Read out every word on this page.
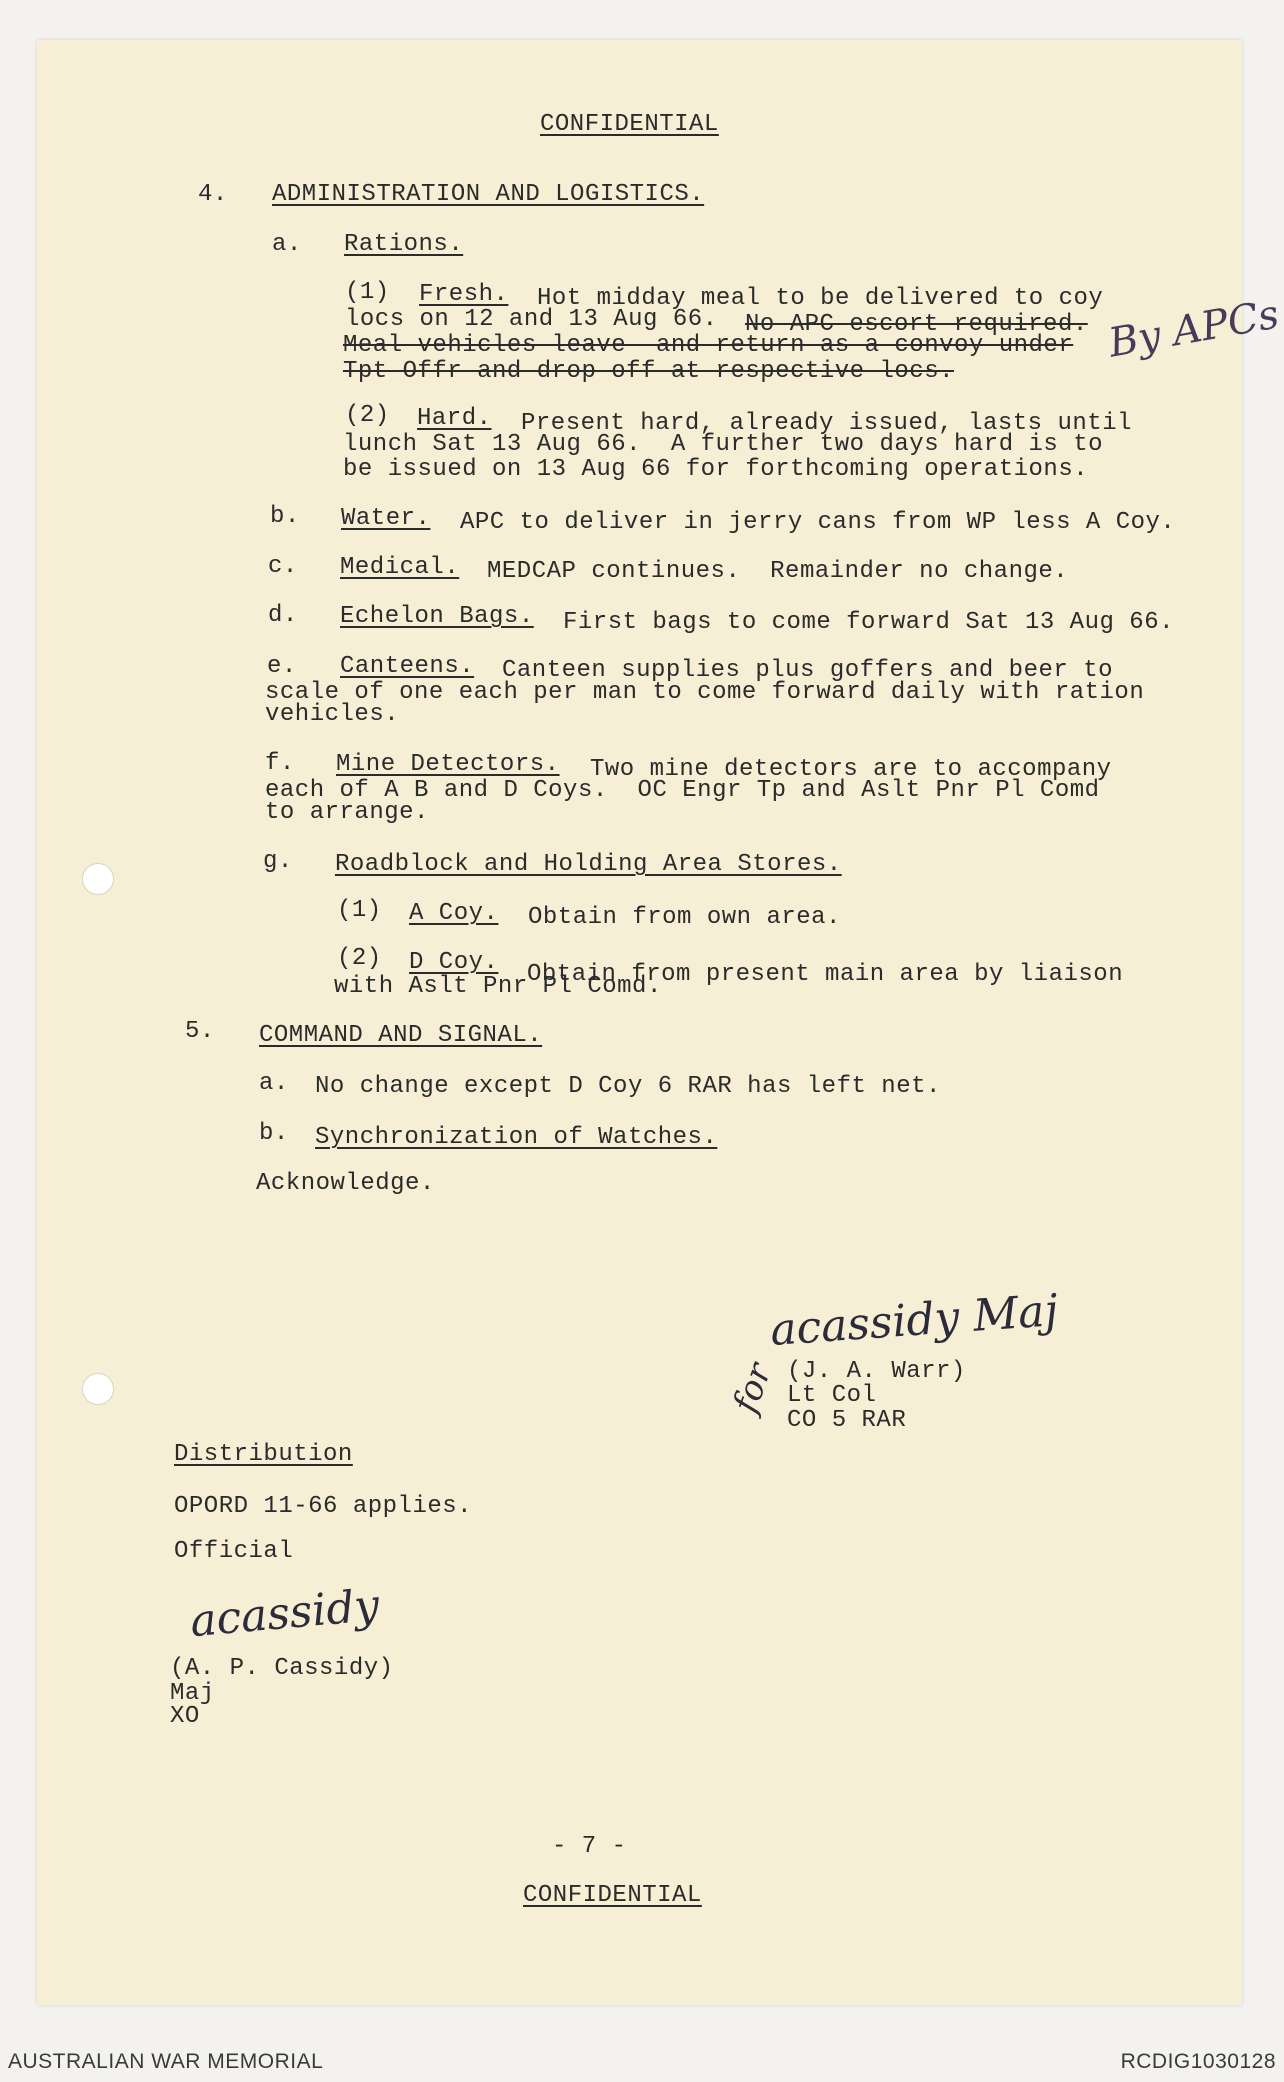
CONFIDENTIAL
4. ADMINISTRATION AND LOGISTICS.
a. Rations.
(1) Fresh. Hot midday meal to be delivered to coy
locs on 12 and 13 Aug 66. No APC escort required.
Meal vehicles leave  and return as a convoy under
Tpt Offr and drop off at respective locs.
By APCs
(2) Hard. Present hard, already issued, lasts until
lunch Sat 13 Aug 66.  A further two days hard is to
be issued on 13 Aug 66 for forthcoming operations.
b. Water. APC to deliver in jerry cans from WP less A Coy.
c. Medical. MEDCAP continues.  Remainder no change.
d. Echelon Bags. First bags to come forward Sat 13 Aug 66.
e. Canteens. Canteen supplies plus goffers and beer to
scale of one each per man to come forward daily with ration
vehicles.
f. Mine Detectors. Two mine detectors are to accompany
each of A B and D Coys.  OC Engr Tp and Aslt Pnr Pl Comd
to arrange.
g. Roadblock and Holding Area Stores.
(1) A Coy. Obtain from own area.
(2) D Coy. Obtain from present main area by liaison
with Aslt Pnr Pl Comd.
5. COMMAND AND SIGNAL.
a. No change except D Coy 6 RAR has left net.
b. Synchronization of Watches.
Acknowledge.
acassidy Maj
for (J. A. Warr)
Lt Col
CO 5 RAR
Distribution
OPORD 11-66 applies.
Official
acassidy
(A. P. Cassidy)
Maj
XO
- 7 -
CONFIDENTIAL
AUSTRALIAN WAR MEMORIAL	RCDIG1030128
